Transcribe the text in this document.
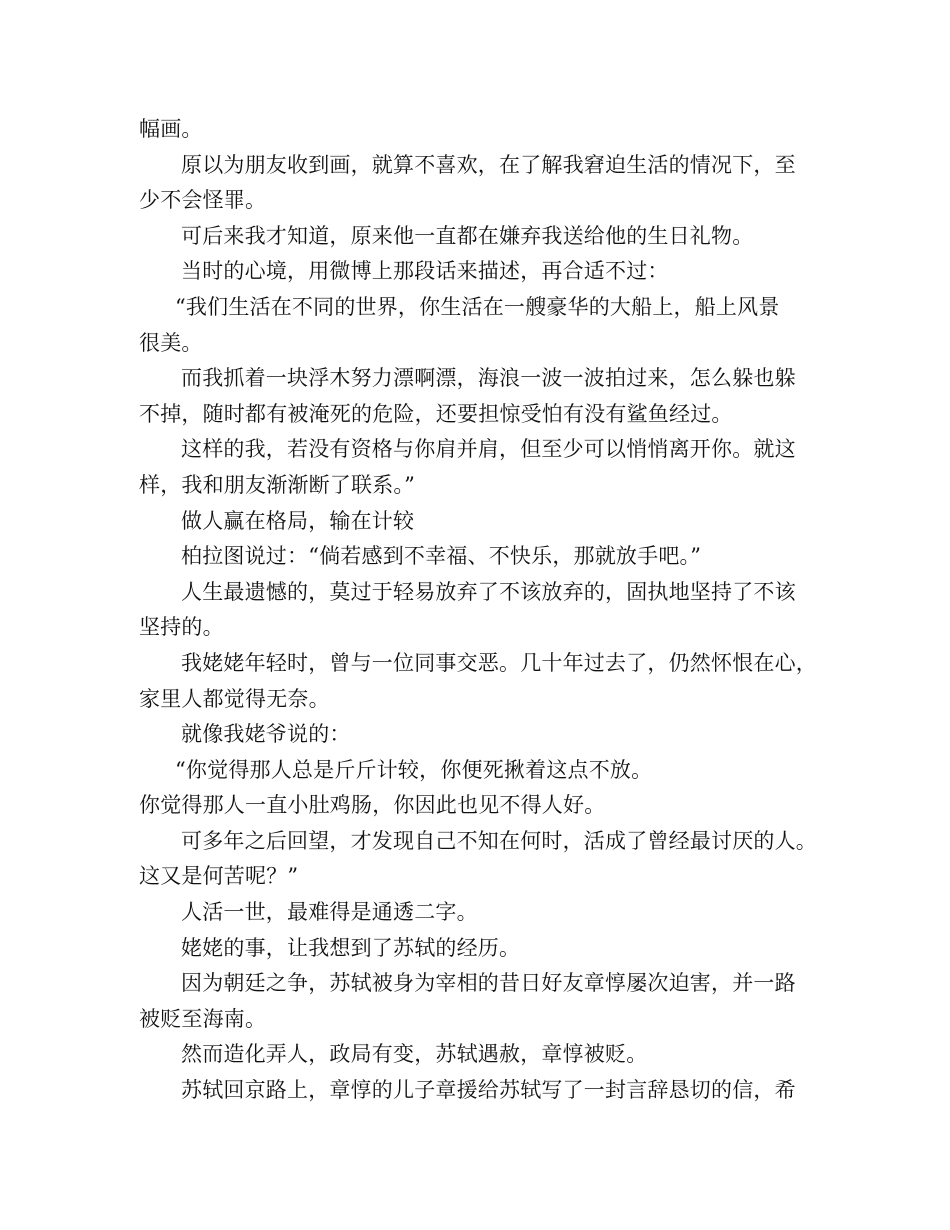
幅画。
原以为朋友收到画，就算不喜欢，在了解我窘迫生活的情况下，至
少不会怪罪。
可后来我才知道，原来他一直都在嫌弃我送给他的生日礼物。
当时的心境，用微博上那段话来描述，再合适不过：
“我们生活在不同的世界，你生活在一艘豪华的大船上，船上风景
很美。
而我抓着一块浮木努力漂啊漂，海浪一波一波拍过来，怎么躲也躲
不掉，随时都有被淹死的危险，还要担惊受怕有没有鲨鱼经过。
这样的我，若没有资格与你肩并肩，但至少可以悄悄离开你。就这
样，我和朋友渐渐断了联系。”
做人赢在格局，输在计较
柏拉图说过：“倘若感到不幸福、不快乐，那就放手吧。”
人生最遗憾的，莫过于轻易放弃了不该放弃的，固执地坚持了不该
坚持的。
我姥姥年轻时，曾与一位同事交恶。几十年过去了，仍然怀恨在心，
家里人都觉得无奈。
就像我姥爷说的：
“你觉得那人总是斤斤计较，你便死揪着这点不放。
你觉得那人一直小肚鸡肠，你因此也见不得人好。
可多年之后回望，才发现自己不知在何时，活成了曾经最讨厌的人。
这又是何苦呢？”
人活一世，最难得是通透二字。
姥姥的事，让我想到了苏轼的经历。
因为朝廷之争，苏轼被身为宰相的昔日好友章惇屡次迫害，并一路
被贬至海南。
然而造化弄人，政局有变，苏轼遇赦，章惇被贬。
苏轼回京路上，章惇的儿子章援给苏轼写了一封言辞恳切的信，希
